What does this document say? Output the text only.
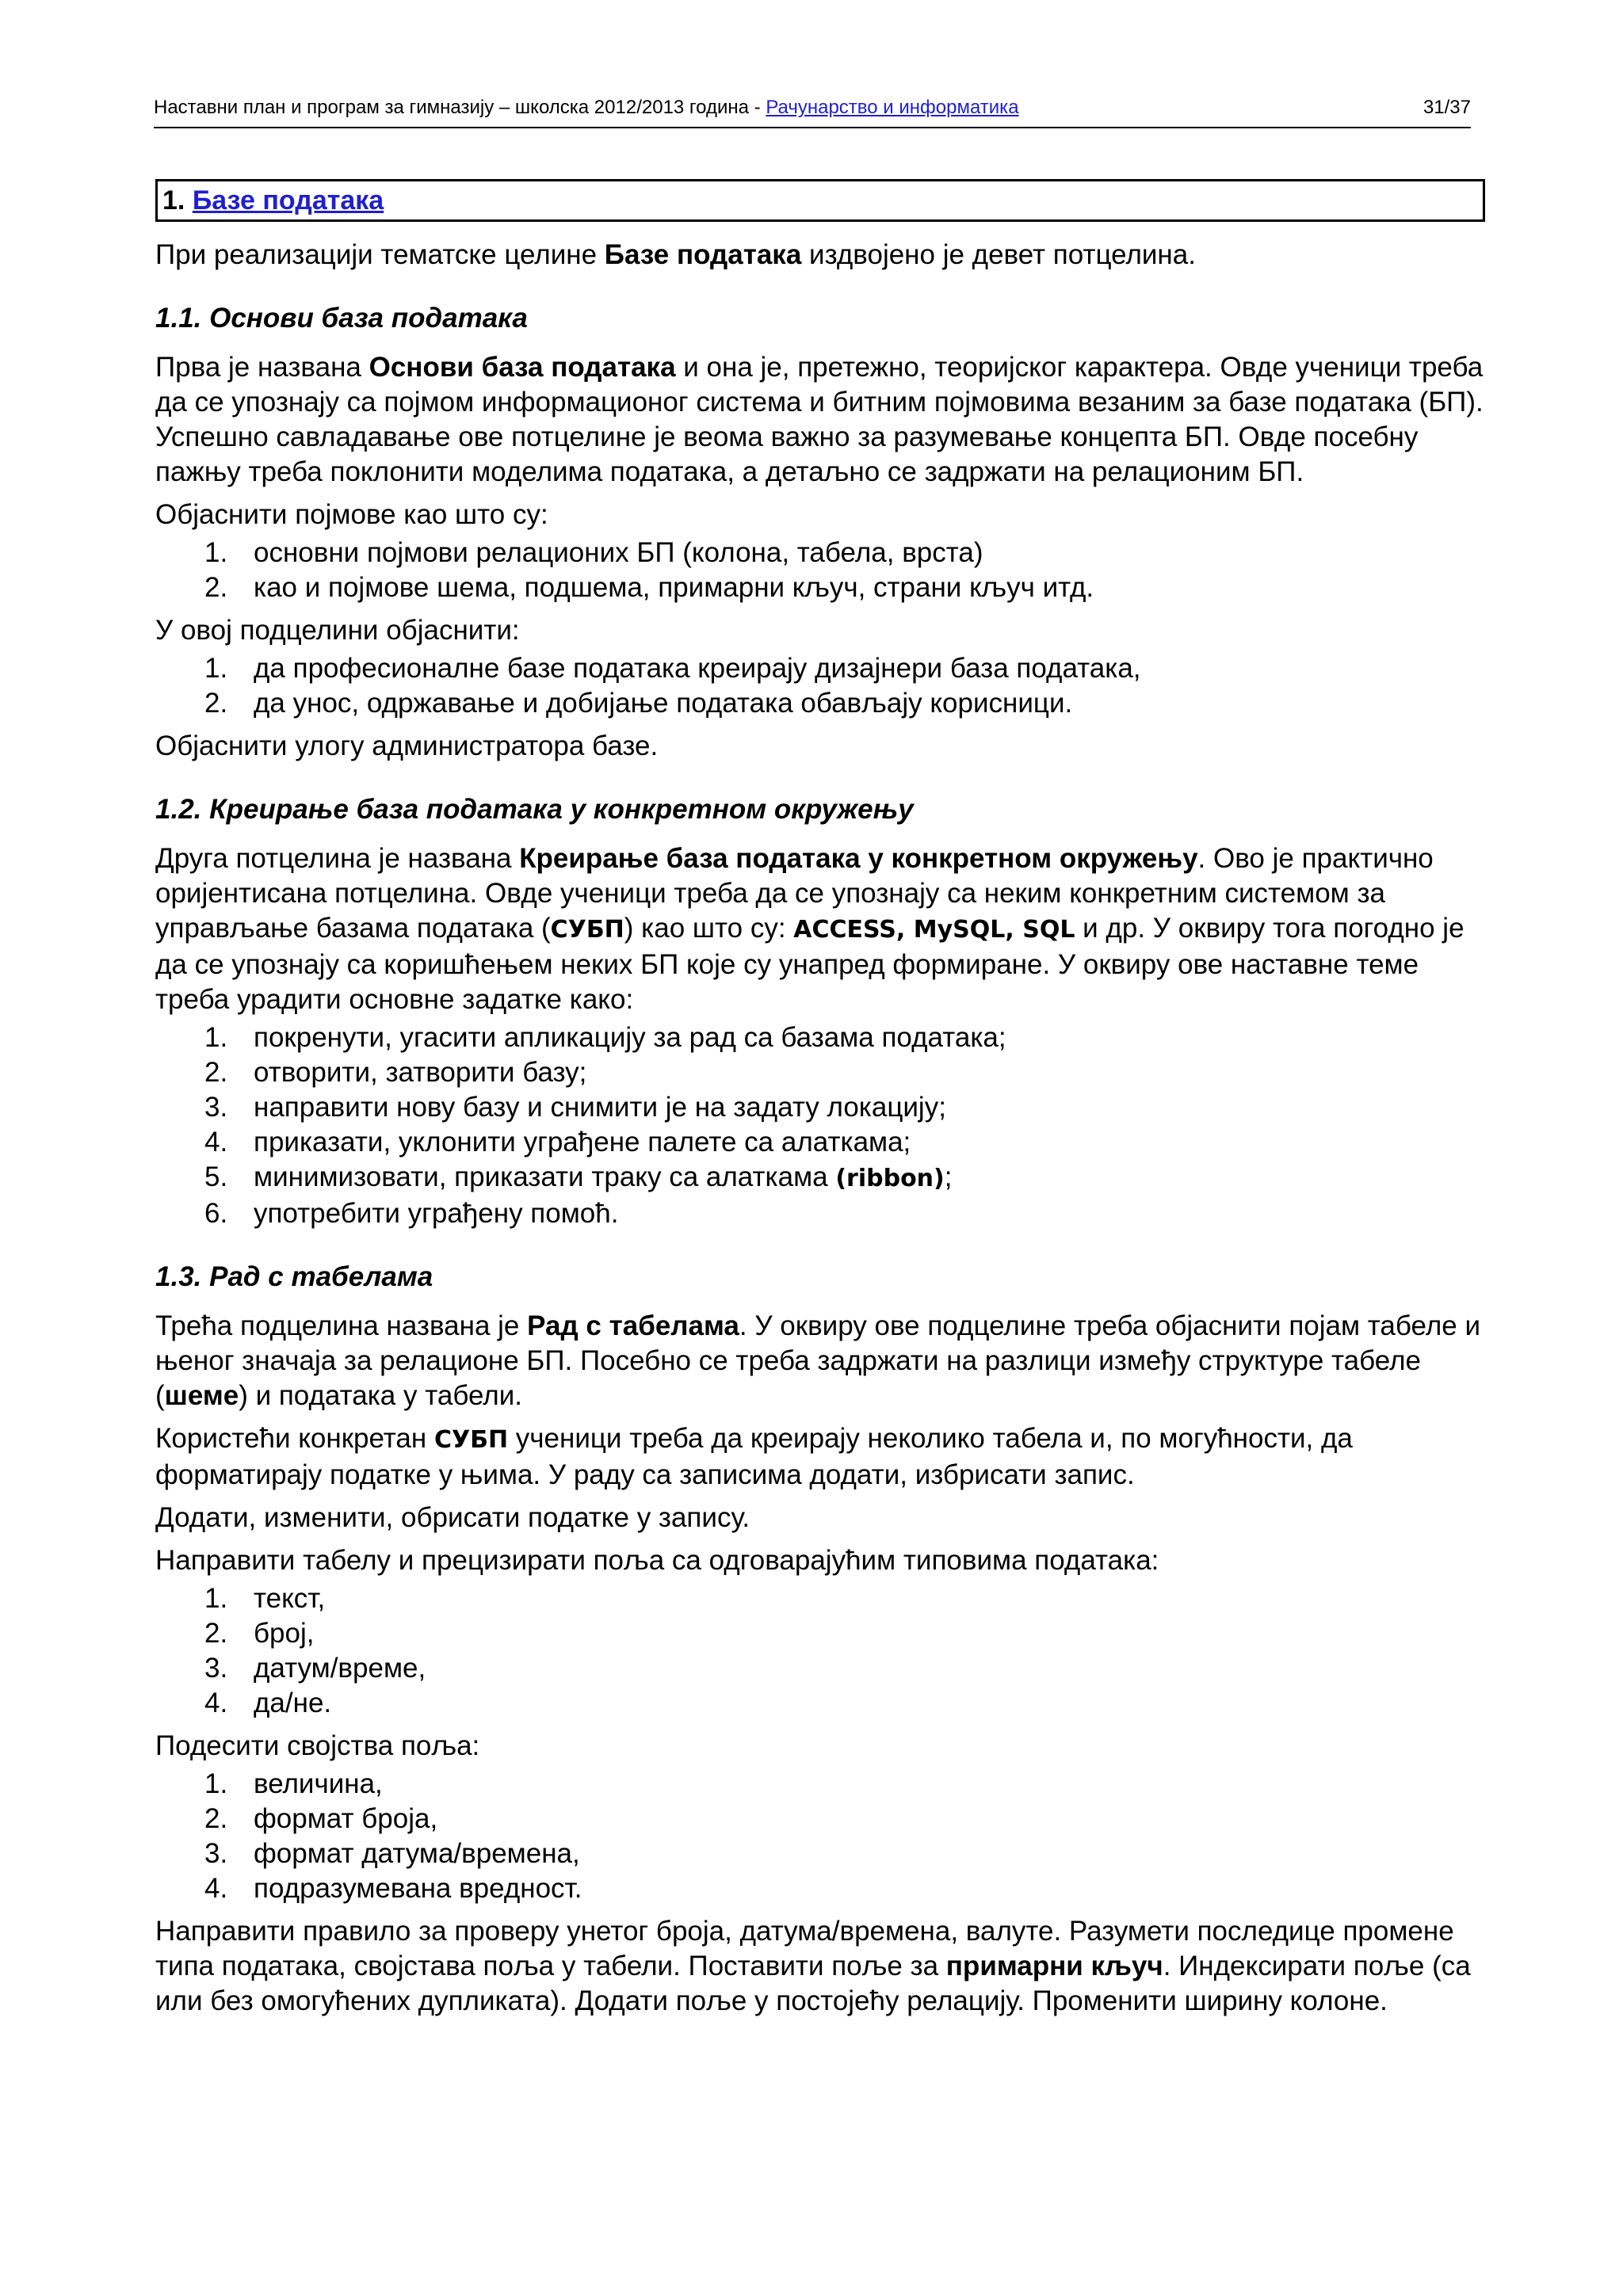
Наставни план и програм за гимназију – школска 2012/2013 година - Рачунарство и информатика	31/37
1. Базе података

При реализацији тематске целине Базе података издвојено је девет потцелина.

1.1. Основи база података

Прва је названа Основи база података и она је, претежно, теоријског карактера. Овде ученици треба да се упознају са појмом информационог система и битним појмовима везаним за базе података (БП). Успешно савладавање ове потцелине је веома важно за разумевање концепта БП. Овде посебну пажњу треба поклонити моделима података, а детаљно се задржати на релационим БП.

Објаснити појмове као што су:

1. основни појмови релационих БП (колона, табела, врста)
2. као и појмове шема, подшема, примарни кључ, страни кључ итд.

У овој подцелини објаснити:

1. да професионалне базе података креирају дизајнери база података,
2. да унос, одржавање и добијање података обављају корисници.

Објаснити улогу администратора базе.

1.2. Креирање база података у конкретном окружењу

Друга потцелина је названа Креирање база података у конкретном окружењу. Ово је практично оријентисана потцелина. Овде ученици треба да се упознају са неким конкретним системом за управљање базама података (СУБП) као што су: ACCESS, MySQL, SQL и др. У оквиру тога погодно је да се упознају са коришћењем неких БП које су унапред формиране. У оквиру ове наставне теме треба урадити основне задатке како:

1. покренути, угасити апликацију за рад са базама података;
2. отворити, затворити базу;
3. направити нову базу и снимити је на задату локацију;
4. приказати, уклонити уграђене палете са алаткама;
5. минимизовати, приказати траку са алаткама (ribbon);
6. употребити уграђену помоћ.
1.3. Рад с табелама

Трећа подцелина названа је Рад с табелама. У оквиру ове подцелине треба објаснити појам табеле и њеног значаја за релационе БП. Посебно се треба задржати на разлици између структуре табеле (шеме) и података у табели.

Користећи конкретан СУБП ученици треба да креирају неколико табела и, по могућности, да форматирају податке у њима. У раду са записима додати, избрисати запис.

Додати, изменити, обрисати податке у запису.

Направити табелу и прецизирати поља са одговарајућим типовима података:

1. текст,
2. број,
3. датум/време,
4. да/не.

Подесити својства поља:

1. величина,
2. формат броја,
3. формат датума/времена,
4. подразумевана вредност.

Направити правило за проверу унетог броја, датума/времена, валуте. Разумети последице промене типа података, својстава поља у табели. Поставити поље за примарни кључ. Индексирати поље (са или без омогућених дупликата). Додати поље у постојећу релацију. Променити ширину колоне.
